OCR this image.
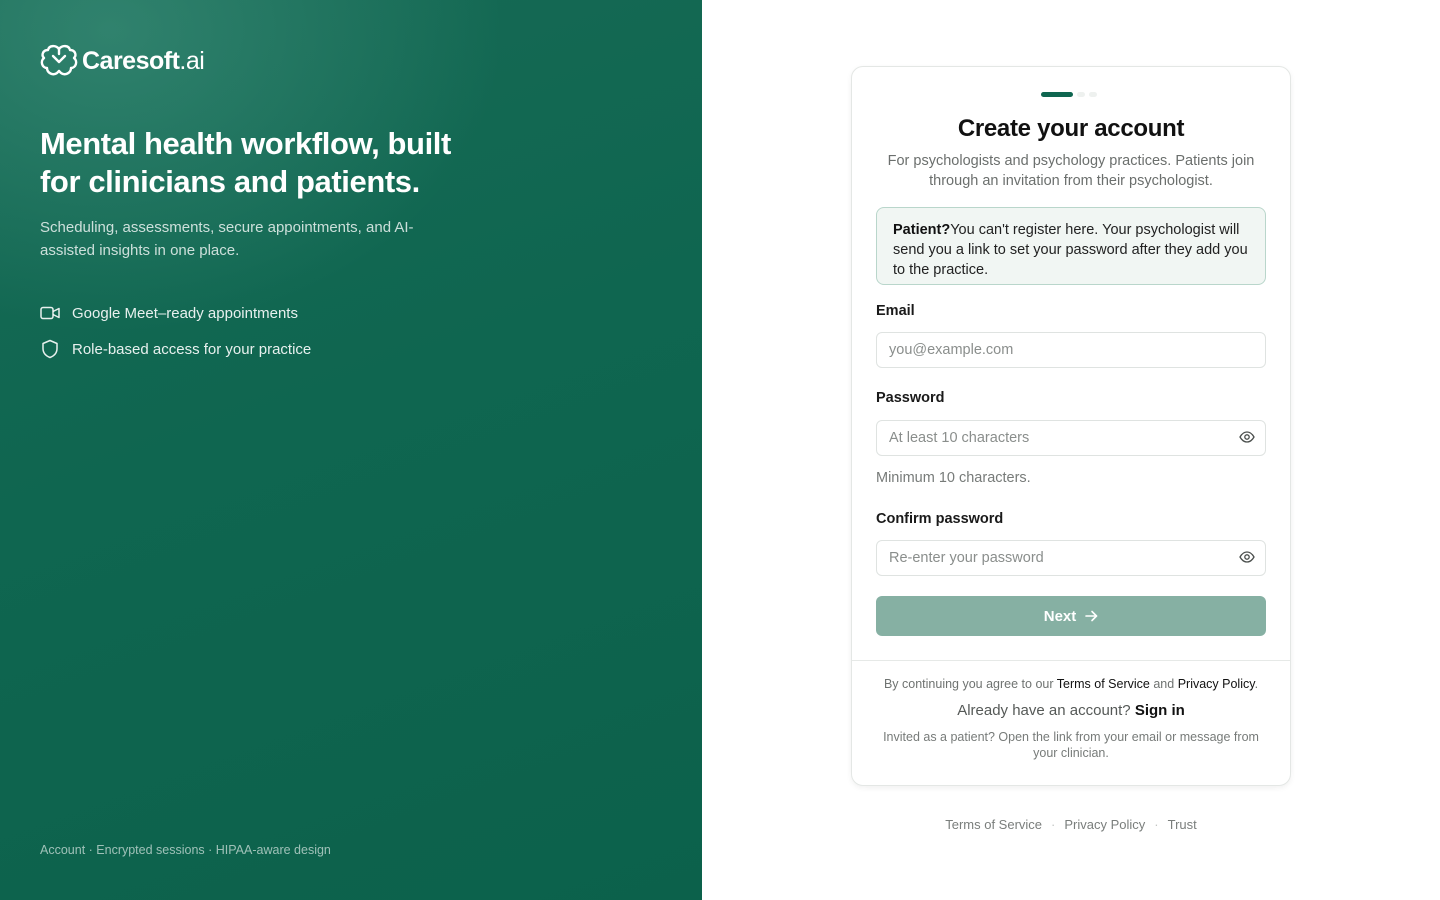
Caresoft.ai
Mental health workflow, built for clinicians and patients.

Scheduling, assessments, secure appointments, and AI-assisted insights in one place.

Google Meet–ready appointments
Role-based access for your practice
Account · Encrypted sessions · HIPAA-aware design
Create your account

For psychologists and psychology practices. Patients join through an invitation from their psychologist.

Patient?You can't register here. Your psychologist will send you a link to set your password after they add you to the practice.
Email
you@example.com
Password
Minimum 10 characters.
Confirm password
Next
By continuing you agree to our Terms of Service and Privacy Policy.
Already have an account? Sign in
Invited as a patient? Open the link from your email or message from your clinician.
Terms of Service · Privacy Policy · Trust
